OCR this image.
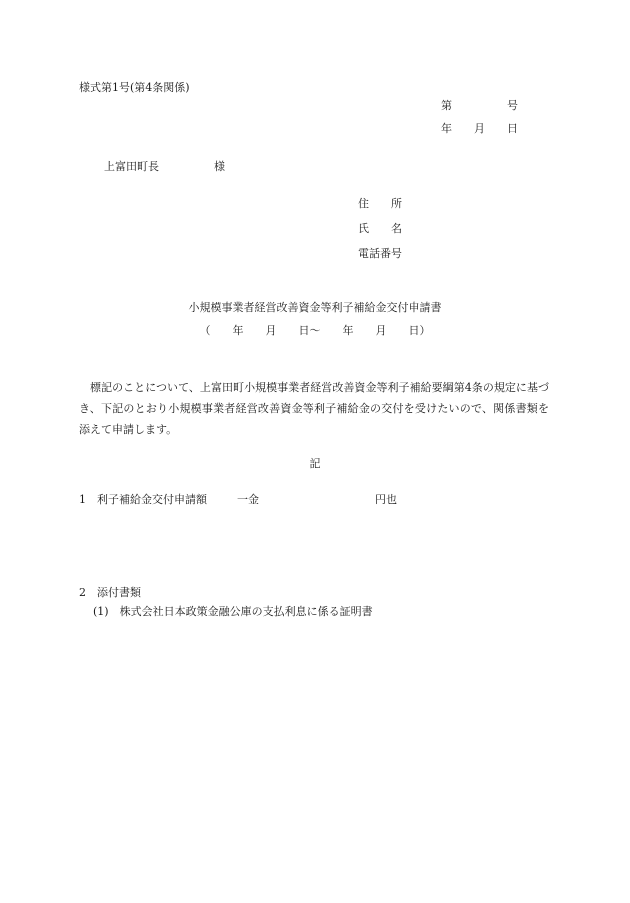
様式第1号(第4条関係)
第　　　　　号
年　　月　　日
上富田町長　　　　　様
住　　所
氏　　名
電話番号
小規模事業者経営改善資金等利子補給金交付申請書
（　　年　　月　　日〜　　年　　月　　日）
　標記のことについて、上富田町小規模事業者経営改善資金等利子補給要綱第4条の規定に基づき、下記のとおり小規模事業者経営改善資金等利子補給金の交付を受けたいので、関係書類を添えて申請します。
記
1　利子補給金交付申請額	一金	円也
2　添付書類
(1)　株式会社日本政策金融公庫の支払利息に係る証明書
